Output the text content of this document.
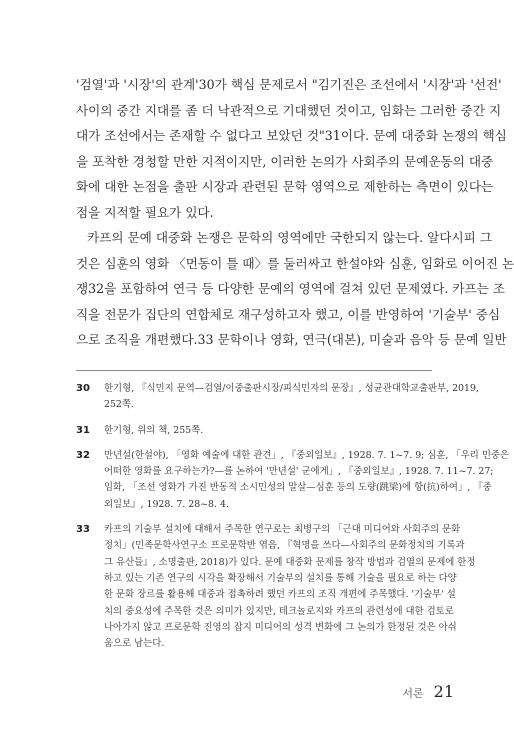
'검열'과 '시장'의 관계'30가 핵심 문제로서 "김기진은 조선에서 '시장'과 '선전'
사이의 중간 지대를 좀 더 낙관적으로 기대했던 것이고, 임화는 그러한 중간 지
대가 조선에서는 존재할 수 없다고 보았던 것"31이다. 문예 대중화 논쟁의 핵심
을 포착한 경청할 만한 지적이지만, 이러한 논의가 사회주의 문예운동의 대중
화에 대한 논점을 출판 시장과 관련된 문학 영역으로 제한하는 측면이 있다는
점을 지적할 필요가 있다.
카프의 문예 대중화 논쟁은 문학의 영역에만 국한되지 않는다. 알다시피 그
것은 심훈의 영화 〈먼동이 틀 때〉를 둘러싸고 한설야와 심훈, 임화로 이어진 논
쟁32을 포함하여 연극 등 다양한 문예의 영역에 걸쳐 있던 문제였다. 카프는 조
직을 전문가 집단의 연합체로 재구성하고자 했고, 이를 반영하여 '기술부' 중심
으로 조직을 개편했다.33 문학이나 영화, 연극(대본), 미술과 음악 등 문예 일반
30 한기형, 『식민지 문역—검열/이중출판시장/피식민자의 문장』, 성균관대학교출판부, 2019,
252쪽.
31 한기형, 위의 책, 255쪽.
32 만년설(한설야), 「영화 예술에 대한 관견」, 『중외일보』, 1928. 7. 1~7. 9; 심훈, 「우리 민중은
어떠한 영화를 요구하는가?—를 논하여 '만년설' 군에게」, 『중외일보』, 1928. 7. 11~7. 27;
임화, 「조선 영화가 가진 반동적 소시민성의 말살—심훈 등의 도량(跳梁)에 항(抗)하여」, 『중
외일보』, 1928. 7. 28~8. 4.
33 카프의 기술부 설치에 대해서 주목한 연구로는 최병구의 「근대 미디어와 사회주의 문화
정치」(민족문학사연구소 프로문학반 엮음, 『혁명을 쓰다—사회주의 문화정치의 기록과
그 유산들』, 소명출판, 2018)가 있다. 문예 대중화 문제를 창작 방법과 검열의 문제에 한정
하고 있는 기존 연구의 시각을 확장해서 기술부의 설치를 통해 기술을 필요로 하는 다양
한 문화 장르를 활용해 대중과 접촉하려 했던 카프의 조직 개편에 주목했다. '기술부' 설
치의 중요성에 주목한 것은 의미가 있지만, 테크놀로지와 카프의 관련성에 대한 검토로
나아가지 않고 프로문학 진영의 잡지 미디어의 성격 변화에 그 논의가 한정된 것은 아쉬
움으로 남는다.
서론 21
